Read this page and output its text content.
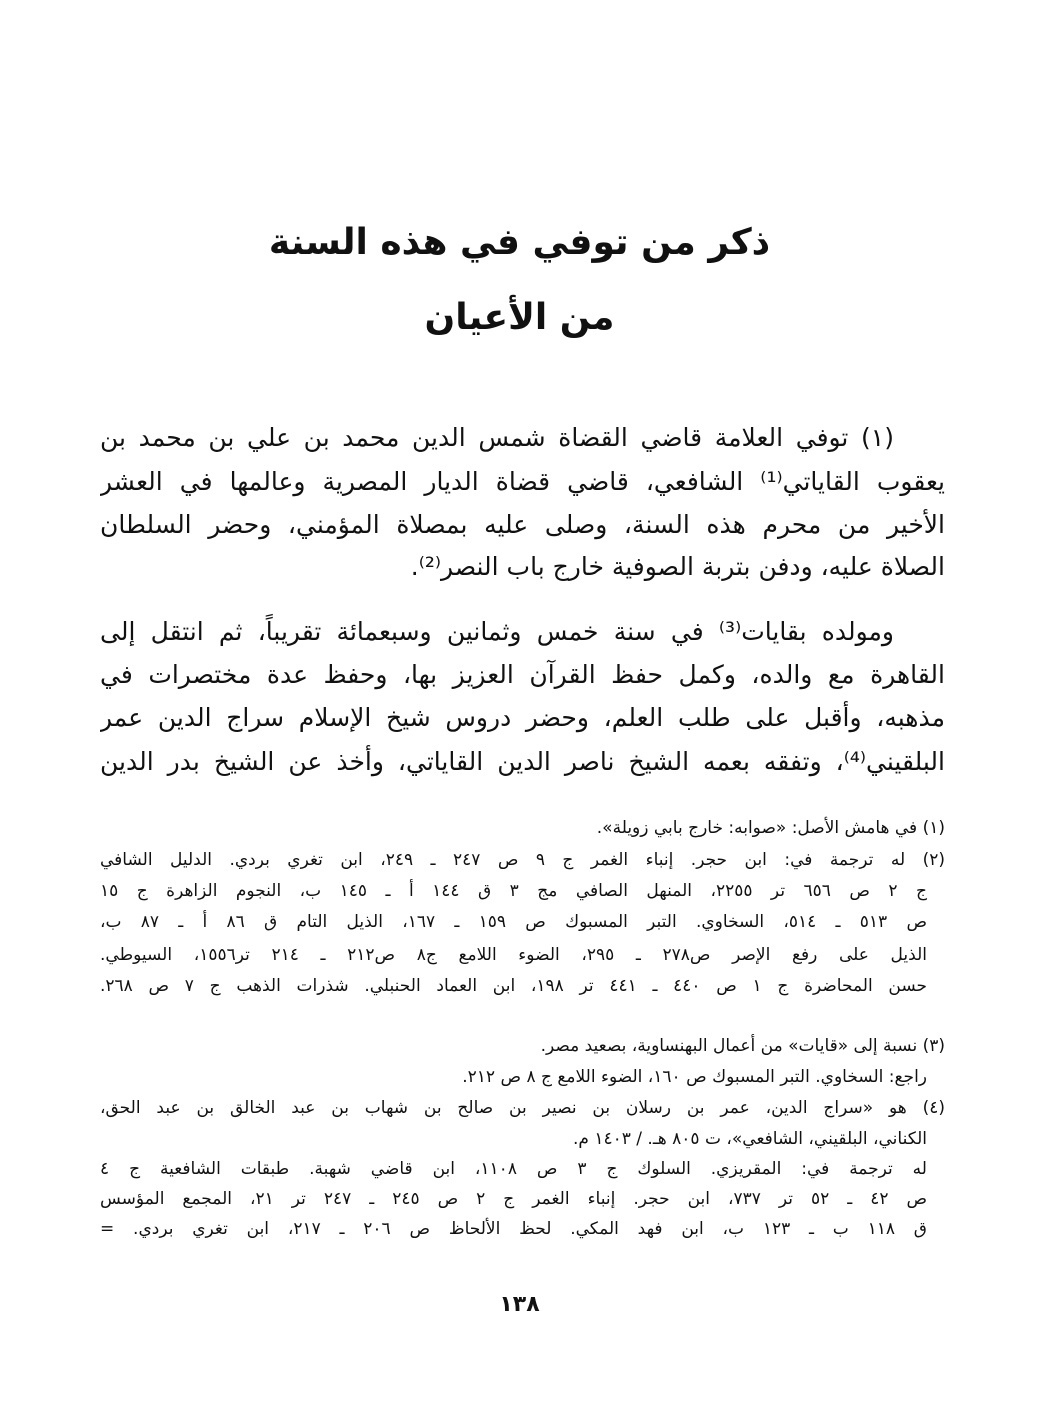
ذكر من توفي في هذه السنة
من الأعيان
(١) توفي العلامة قاضي القضاة شمس الدين محمد بن علي بن محمد بن
يعقوب القاياتي⁽¹⁾ الشافعي، قاضي قضاة الديار المصرية وعالمها في العشر
الأخير من محرم هذه السنة، وصلى عليه بمصلاة المؤمني، وحضر السلطان
الصلاة عليه، ودفن بتربة الصوفية خارج باب النصر⁽²⁾.
ومولده بقايات⁽³⁾ في سنة خمس وثمانين وسبعمائة تقريباً، ثم انتقل إلى
القاهرة مع والده، وكمل حفظ القرآن العزيز بها، وحفظ عدة مختصرات في
مذهبه، وأقبل على طلب العلم، وحضر دروس شيخ الإسلام سراج الدين عمر
البلقيني⁽⁴⁾، وتفقه بعمه الشيخ ناصر الدين القاياتي، وأخذ عن الشيخ بدر الدين
(١) في هامش الأصل: «صوابه: خارج بابي زويلة».
(٢) له ترجمة في: ابن حجر. إنباء الغمر ج ٩ ص ٢٤٧ ـ ٢٤٩، ابن تغري بردي. الدليل الشافي
ج ٢ ص ٦٥٦ تر ٢٢٥٥، المنهل الصافي مج ٣ ق ١٤٤ أ ـ ١٤٥ ب، النجوم الزاهرة ج ١٥
ص ٥١٣ ـ ٥١٤، السخاوي. التبر المسبوك ص ١٥٩ ـ ١٦٧، الذيل التام ق ٨٦ أ ـ ٨٧ ب،
الذيل على رفع الإصر ص٢٧٨ ـ ٢٩٥، الضوء اللامع ج٨ ص٢١٢ ـ ٢١٤ تر١٥٥٦، السيوطي.
حسن المحاضرة ج ١ ص ٤٤٠ ـ ٤٤١ تر ١٩٨، ابن العماد الحنبلي. شذرات الذهب ج ٧ ص ٢٦٨.
(٣) نسبة إلى «قايات» من أعمال البهنساوية، بصعيد مصر.
راجع: السخاوي. التبر المسبوك ص ١٦٠، الضوء اللامع ج ٨ ص ٢١٢.
(٤) هو «سراج الدين، عمر بن رسلان بن نصير بن صالح بن شهاب بن عبد الخالق بن عبد الحق،
الكناني، البلقيني، الشافعي»، ت ٨٠٥ هـ. / ١٤٠٣ م.
له ترجمة في: المقريزي. السلوك ج ٣ ص ١١٠٨، ابن قاضي شهبة. طبقات الشافعية ج ٤
ص ٤٢ ـ ٥٢ تر ٧٣٧، ابن حجر. إنباء الغمر ج ٢ ص ٢٤٥ ـ ٢٤٧ تر ٢١، المجمع المؤسس
ق ١١٨ ب ـ ١٢٣ ب، ابن فهد المكي. لحظ الألحاظ ص ٢٠٦ ـ ٢١٧، ابن تغري بردي. =
١٣٨
